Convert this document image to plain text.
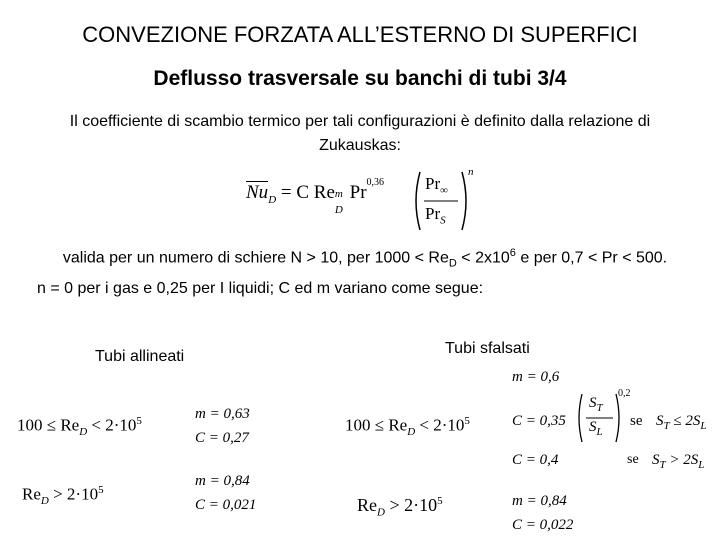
CONVEZIONE FORZATA ALL’ESTERNO DI SUPERFICI
Deflusso trasversale su banchi di tubi 3/4
Il coefficiente di scambio termico per tali configurazioni è definito dalla relazione di
Zukauskas:
$Nu_D = C$ Re m
D
Pr$^{0,36}$ $Pr_\infty$
$Pr_S$
n
valida per un numero di schiere N > 10, per $1000 < Re_D < 2x10^6$ e per 0,7 < Pr < 500.
n = 0 per i gas e 0,25 per I liquidi; C ed m variano come segue:
Tubi allineati
$100 \le Re_D < 2\cdot 10^5$	m = 0,63
C = 0,27
$Re_D > 2\cdot 10^5$
m = 0,84
C = 0,021
Tubi sfalsati
m = 0,6
$100 \le Re_D < 2\cdot 10^5$	C = 0,35
$S_T$
$S_L$
0,2
se $S_T \le 2S_L$
C = 0,4	se $S_T > 2S_L$
$Re_D > 2\cdot 10^5$	m = 0,84
C = 0,022
